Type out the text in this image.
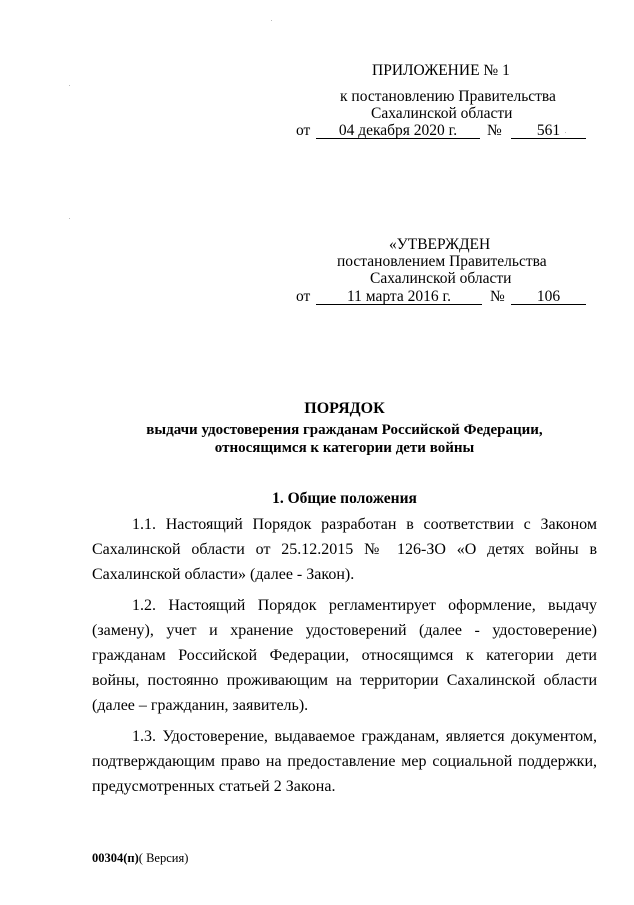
ПРИЛОЖЕНИЕ № 1
к постановлению Правительства
Сахалинской области
от	04 декабря 2020 г.	№	561
«УТВЕРЖДЕН
постановлением Правительства
Сахалинской области
от	11 марта 2016 г.	№	106
ПОРЯДОК
выдачи удостоверения гражданам Российской Федерации,
относящимся к категории дети войны
1. Общие положения

1.1. Настоящий Порядок разработан в соответствии с Законом Сахалинской области от 25.12.2015 № 126-ЗО «О детях войны в Сахалинской области» (далее - Закон).

1.2. Настоящий Порядок регламентирует оформление, выдачу (замену), учет и хранение удостоверений (далее - удостоверение) гражданам Российской Федерации, относящимся к категории дети войны, постоянно проживающим на территории Сахалинской области (далее – гражданин, заявитель).

1.3. Удостоверение, выдаваемое гражданам, является документом, подтверждающим право на предоставление мер социальной поддержки, предусмотренных статьей 2 Закона.

00304(п)( Версия)
